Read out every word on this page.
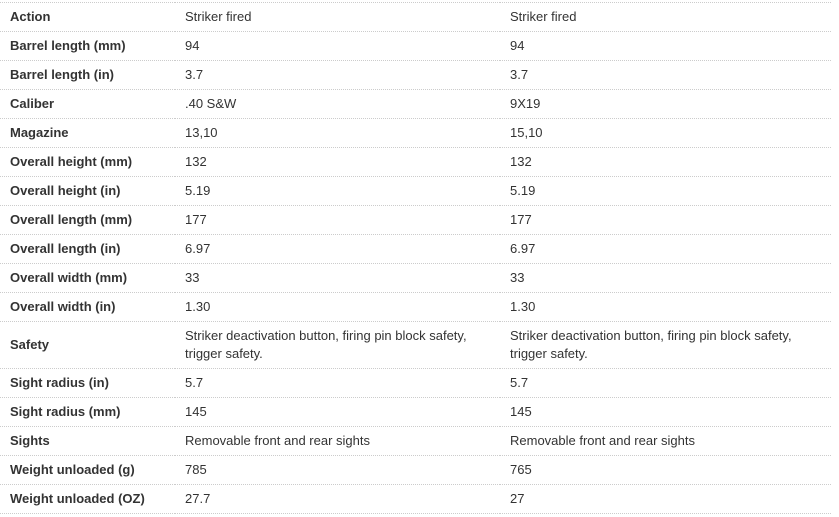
Action	Striker fired	Striker fired
Barrel length (mm)	94	94
Barrel length (in)	3.7	3.7
Caliber	.40 S&W	9X19
Magazine	13,10	15,10
Overall height (mm)	132	132
Overall height (in)	5.19	5.19
Overall length (mm)	177	177
Overall length (in)	6.97	6.97
Overall width (mm)	33	33
Overall width (in)	1.30	1.30
Safety	Striker deactivation button, firing pin block safety, trigger safety.	Striker deactivation button, firing pin block safety, trigger safety.
Sight radius (in)	5.7	5.7
Sight radius (mm)	145	145
Sights	Removable front and rear sights	Removable front and rear sights
Weight unloaded (g)	785	765
Weight unloaded (OZ)	27.7	27
